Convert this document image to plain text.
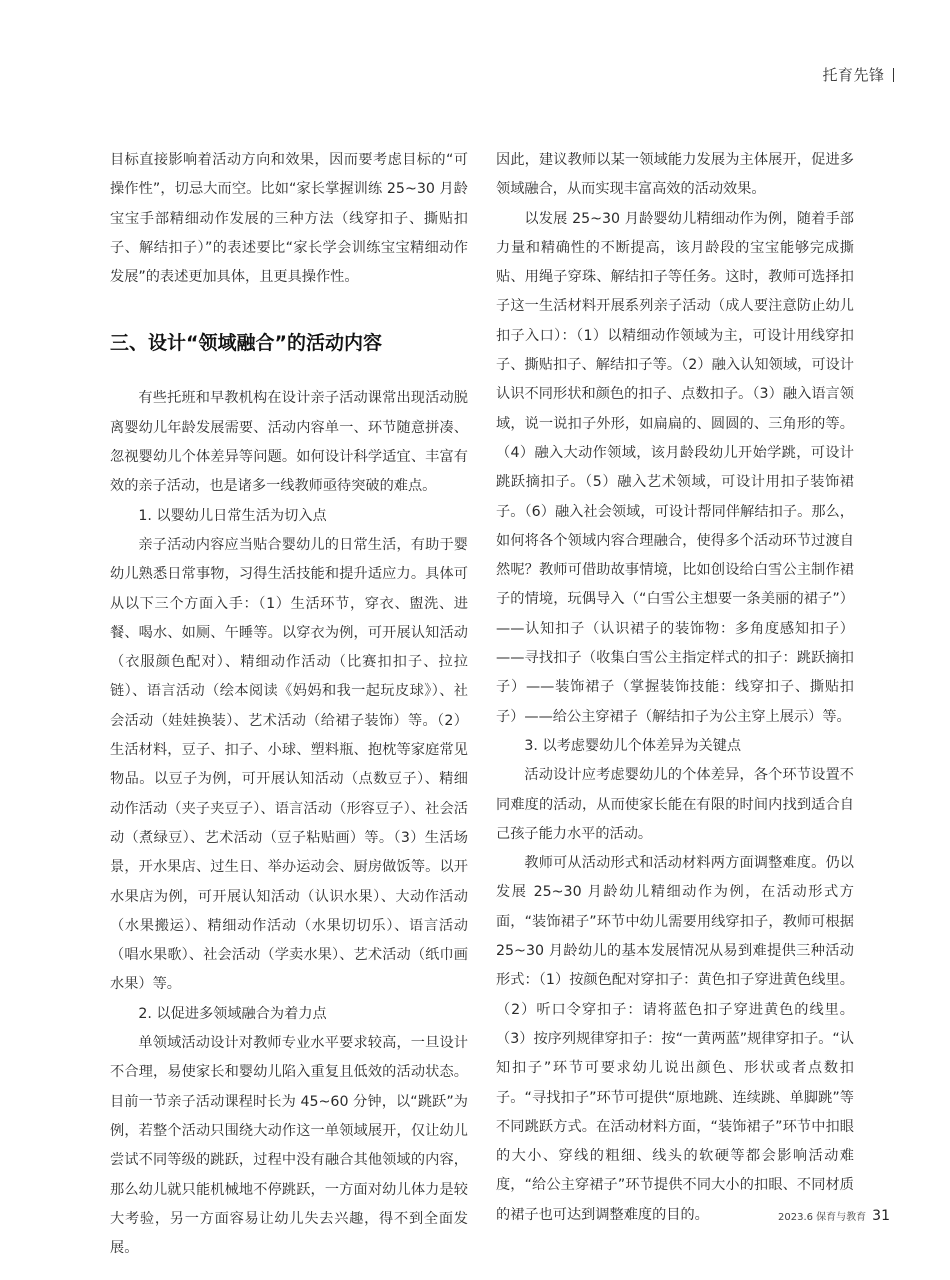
托育先锋

目标直接影响着活动方向和效果，因而要考虑目标的“可操作性”，切忌大而空。比如“家长掌握训练 25~30 月龄宝宝手部精细动作发展的三种方法（线穿扣子、撕贴扣子、解结扣子）”的表述要比“家长学会训练宝宝精细动作发展”的表述更加具体，且更具操作性。

三、设计“领域融合”的活动内容

有些托班和早教机构在设计亲子活动课常出现活动脱离婴幼儿年龄发展需要、活动内容单一、环节随意拼凑、忽视婴幼儿个体差异等问题。如何设计科学适宜、丰富有效的亲子活动，也是诸多一线教师亟待突破的难点。

1. 以婴幼儿日常生活为切入点

亲子活动内容应当贴合婴幼儿的日常生活，有助于婴幼儿熟悉日常事物，习得生活技能和提升适应力。具体可从以下三个方面入手：（1）生活环节，穿衣、盥洗、进餐、喝水、如厕、午睡等。以穿衣为例，可开展认知活动（衣服颜色配对）、精细动作活动（比赛扣扣子、拉拉链）、语言活动（绘本阅读《妈妈和我一起玩皮球》）、社会活动（娃娃换装）、艺术活动（给裙子装饰）等。（2）生活材料，豆子、扣子、小球、塑料瓶、抱枕等家庭常见物品。以豆子为例，可开展认知活动（点数豆子）、精细动作活动（夹子夹豆子）、语言活动（形容豆子）、社会活动（煮绿豆）、艺术活动（豆子粘贴画）等。（3）生活场景，开水果店、过生日、举办运动会、厨房做饭等。以开水果店为例，可开展认知活动（认识水果）、大动作活动（水果搬运）、精细动作活动（水果切切乐）、语言活动（唱水果歌）、社会活动（学卖水果）、艺术活动（纸巾画水果）等。

2. 以促进多领域融合为着力点

单领域活动设计对教师专业水平要求较高，一旦设计不合理，易使家长和婴幼儿陷入重复且低效的活动状态。目前一节亲子活动课程时长为 45~60 分钟，以“跳跃”为例，若整个活动只围绕大动作这一单领域展开，仅让幼儿尝试不同等级的跳跃，过程中没有融合其他领域的内容，那么幼儿就只能机械地不停跳跃，一方面对幼儿体力是较大考验，另一方面容易让幼儿失去兴趣，得不到全面发展。

因此，建议教师以某一领域能力发展为主体展开，促进多领域融合，从而实现丰富高效的活动效果。

以发展 25~30 月龄婴幼儿精细动作为例，随着手部力量和精确性的不断提高，该月龄段的宝宝能够完成撕贴、用绳子穿珠、解结扣子等任务。这时，教师可选择扣子这一生活材料开展系列亲子活动（成人要注意防止幼儿扣子入口）：（1）以精细动作领域为主，可设计用线穿扣子、撕贴扣子、解结扣子等。（2）融入认知领域，可设计认识不同形状和颜色的扣子、点数扣子。（3）融入语言领域，说一说扣子外形，如扁扁的、圆圆的、三角形的等。（4）融入大动作领域，该月龄段幼儿开始学跳，可设计跳跃摘扣子。（5）融入艺术领域，可设计用扣子装饰裙子。（6）融入社会领域，可设计帮同伴解结扣子。那么，如何将各个领域内容合理融合，使得多个活动环节过渡自然呢？教师可借助故事情境，比如创设给白雪公主制作裙子的情境，玩偶导入（“白雪公主想要一条美丽的裙子”）——认知扣子（认识裙子的装饰物：多角度感知扣子）——寻找扣子（收集白雪公主指定样式的扣子：跳跃摘扣子）——装饰裙子（掌握装饰技能：线穿扣子、撕贴扣子）——给公主穿裙子（解结扣子为公主穿上展示）等。

3. 以考虑婴幼儿个体差异为关键点

活动设计应考虑婴幼儿的个体差异，各个环节设置不同难度的活动，从而使家长能在有限的时间内找到适合自己孩子能力水平的活动。

教师可从活动形式和活动材料两方面调整难度。仍以发展 25~30 月龄幼儿精细动作为例，在活动形式方面，“装饰裙子”环节中幼儿需要用线穿扣子，教师可根据 25~30 月龄幼儿的基本发展情况从易到难提供三种活动形式：（1）按颜色配对穿扣子：黄色扣子穿进黄色线里。（2）听口令穿扣子：请将蓝色扣子穿进黄色的线里。（3）按序列规律穿扣子：按“一黄两蓝”规律穿扣子。“认知扣子”环节可要求幼儿说出颜色、形状或者点数扣子。“寻找扣子”环节可提供“原地跳、连续跳、单脚跳”等不同跳跃方式。在活动材料方面，“装饰裙子”环节中扣眼的大小、穿线的粗细、线头的软硬等都会影响活动难度，“给公主穿裙子”环节提供不同大小的扣眼、不同材质的裙子也可达到调整难度的目的。	2023.6 保育与教育 31
